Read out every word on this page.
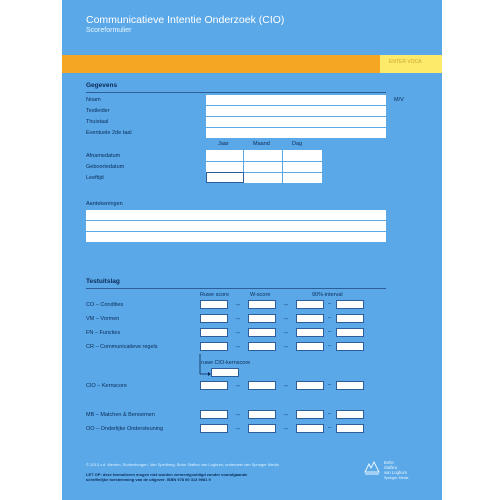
Communicatieve Intentie Onderzoek (CIO)
Scoreformulier
ENTER VOCA
Gegevens
Noam	M/V
Testleider
Thuistaal
Eventuele 2de taal
Jaar	Maand	Dag
Afnamedatum
Geboortedatum
Leeftijd
Aantekeningen
Testuitslag
Ruwe score	W-score	90%-interval
CO – Condities	→	→	–
VM – Vormen	→	→	–
FN – Functies	→	→	–
CR – Communicatieve regels	→	→	–
ruwe CIO-kernscore
CIO – Kernscore	→	→	–
MB – Matchen & Benoemen	→	→	–
OO – Onderlijke Ondersteuning	→	→	–
© 2013 v.d. Meulen, Stoltenborgen, Van Spellberg, Bohn Stafleu van Loghum, onderdeel van Springer Media
LET OP: deze formulieren mogen niet worden vermenigvuldigd zonder voorafgaande
schriftelijke toestemming van de uitgever. ISBN 978 90 313 9981 9
Bohn
Stafleu
van Loghum
Springer Media
